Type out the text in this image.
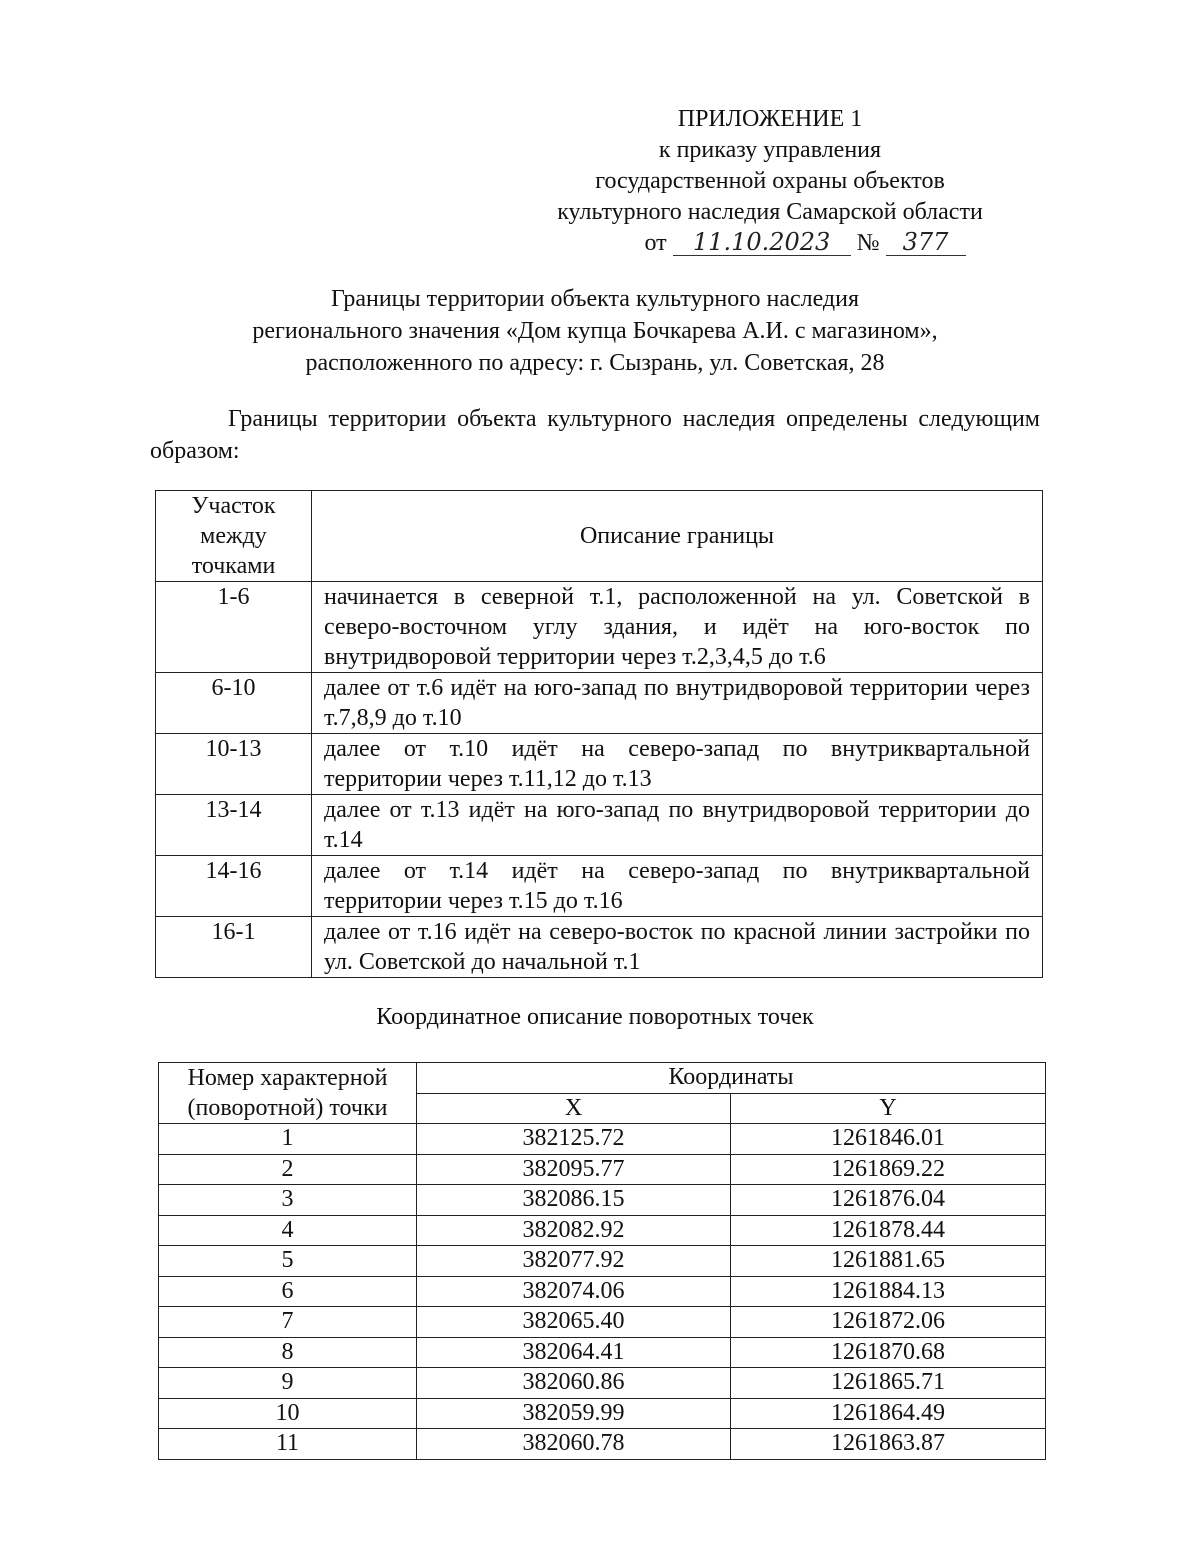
ПРИЛОЖЕНИЕ 1
к приказу управления
государственной охраны объектов
культурного наследия Самарской области
от 11.10.2023 № 377
Границы территории объекта культурного наследия
регионального значения «Дом купца Бочкарева А.И. с магазином»,
расположенного по адресу: г. Сызрань, ул. Советская, 28
Границы территории объекта культурного наследия определены следующим образом:
Участок между точками	Описание границы
1-6	начинается в северной т.1, расположенной на ул. Советской в северо-восточном углу здания, и идёт на юго-восток по внутридворовой территории через т.2,3,4,5 до т.6
6-10	далее от т.6 идёт на юго-запад по внутридворовой территории через т.7,8,9 до т.10
10-13	далее от т.10 идёт на северо-запад по внутриквартальной территории через т.11,12 до т.13
13-14	далее от т.13 идёт на юго-запад по внутридворовой территории до т.14
14-16	далее от т.14 идёт на северо-запад по внутриквартальной территории через т.15 до т.16
16-1	далее от т.16 идёт на северо-восток по красной линии застройки по ул. Советской до начальной т.1
Координатное описание поворотных точек
Номер характерной (поворотной) точки	Координаты	
	X	Y
1	382125.72	1261846.01
2	382095.77	1261869.22
3	382086.15	1261876.04
4	382082.92	1261878.44
5	382077.92	1261881.65
6	382074.06	1261884.13
7	382065.40	1261872.06
8	382064.41	1261870.68
9	382060.86	1261865.71
10	382059.99	1261864.49
11	382060.78	1261863.87
